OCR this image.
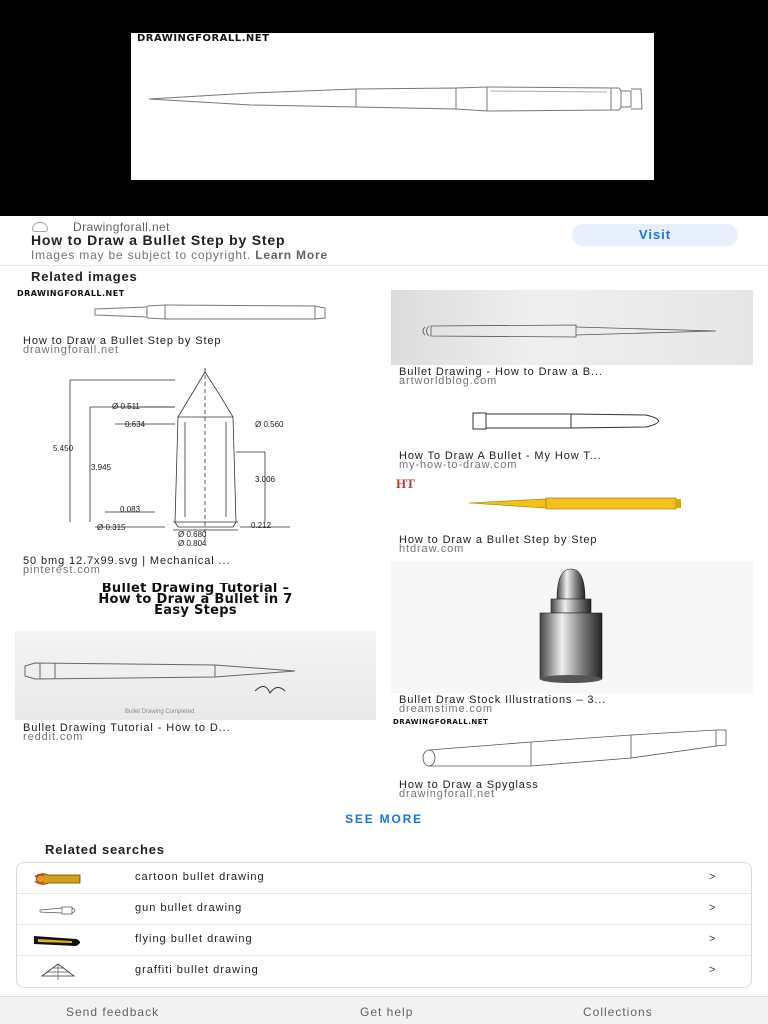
DRAWINGFORALL.NET
Drawingforall.net
How to Draw a Bullet Step by Step
Images may be subject to copyright. Learn More
Visit
Related images
DRAWINGFORALL.NET
How to Draw a Bullet Step by Step
drawingforall.net
Ø 0.511
0.634	Ø 0.560
5.450
3.945
3.006
0.083
Ø 0.315	0.212
Ø 0.680
Ø 0.804
50 bmg 12.7x99.svg | Mechanical ...
pinterest.com
Bullet Drawing Tutorial –
How to Draw a Bullet in 7
Easy Steps
Bullet Drawing Completed
Bullet Drawing Tutorial - How to D...
reddit.com
Bullet Drawing - How to Draw a B...
artworldblog.com
How To Draw A Bullet - My How T...
my-how-to-draw.com
HT
How to Draw a Bullet Step by Step
htdraw.com
Bullet Draw Stock Illustrations – 3...
dreamstime.com
DRAWINGFORALL.NET
How to Draw a Spyglass
drawingforall.net
SEE MORE
Related searches
cartoon bullet drawing	>
gun bullet drawing	>
flying bullet drawing	>
graffiti bullet drawing	>
Send feedback	Get help	Collections
